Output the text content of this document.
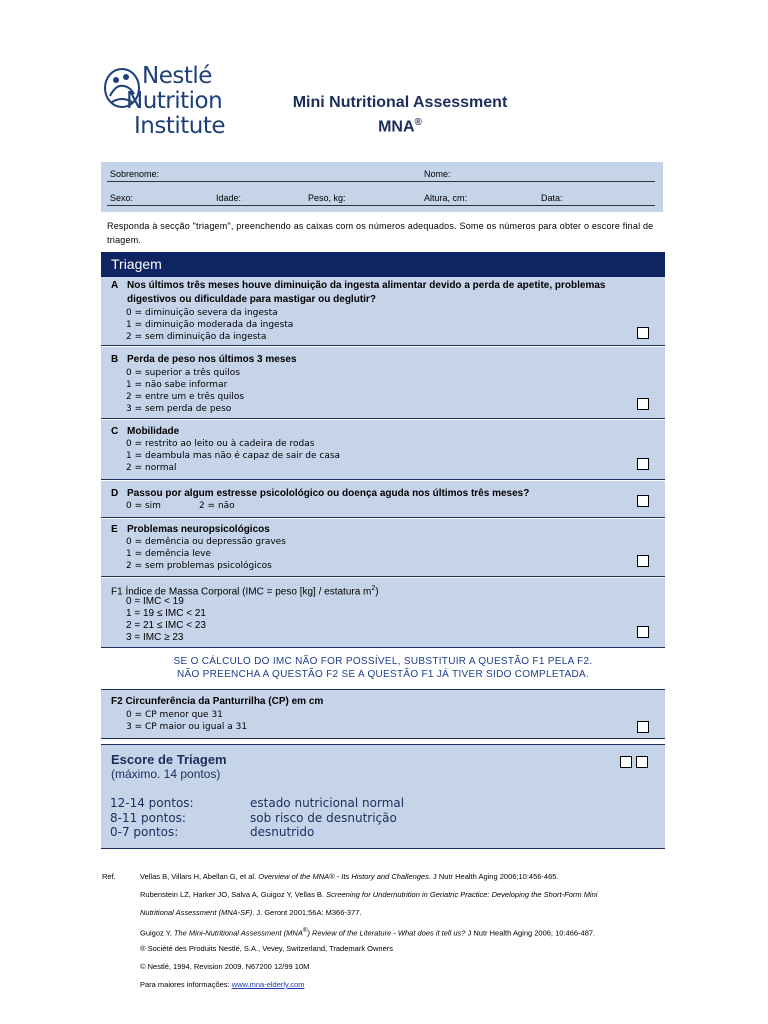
Nestlé
Nutrition
Institute
Mini Nutritional Assessment
MNA®
Sobrenome:	Nome:
Sexo:	Idade:	Peso, kg:	Altura, cm:	Data:
Responda à secção "triagem", preenchendo as caixas com os números adequados. Some os números para obter o escore final de triagem.
Triagem
A Nos últimos três meses houve diminuição da ingesta alimentar devido a perda de apetite, problemas
digestivos ou dificuldade para mastigar ou deglutir?
0 = diminuição severa da ingesta
1 = diminuição moderada da ingesta
2 = sem diminuição da ingesta
B Perda de peso nos últimos 3 meses
0 = superior a três quilos
1 = não sabe informar
2 = entre um e três quilos
3 = sem perda de peso
C Mobilidade
0 = restrito ao leito ou à cadeira de rodas
1 = deambula mas não é capaz de sair de casa
2 = normal
D Passou por algum estresse psicolológico ou doença aguda nos últimos três meses?
0 = sim	2 = não
E Problemas neuropsicológicos
0 = demência ou depressão graves
1 = demência leve
2 = sem problemas psicológicos
F1 Índice de Massa Corporal (IMC = peso [kg] / estatura $m^2$)
0 = IMC < 19
1 = 19 ≤ IMC < 21
2 = 21 ≤ IMC < 23
3 = IMC ≥ 23
SE O CÁLCULO DO IMC NÃO FOR POSSÍVEL, SUBSTITUIR A QUESTÃO F1 PELA F2.
NÃO PREENCHA A QUESTÃO F2 SE A QUESTÃO F1 JÁ TIVER SIDO COMPLETADA.
F2 Circunferência da Panturrilha (CP) em cm
0 = CP menor que 31
3 = CP maior ou igual a 31
Escore de Triagem
(máximo. 14 pontos)
12-14 pontos:	estado nutricional normal
8-11 pontos:	sob risco de desnutrição
0-7 pontos:	desnutrido
Ref.	Vellas B, Villars H, Abellan G, et al. Overview of the MNA® - Its History and Challenges. J Nutr Health Aging 2006;10:456-465.
Rubenstein LZ, Harker JO, Salva A, Guigoz Y, Vellas B. Screening for Undernutrition in Geriatric Practice: Developing the Short-Form Mini
Nutritional Assessment (MNA-SF). J. Geront 2001;56A: M366-377.
Guigoz Y. The Mini-Nutritional Assessment (MNA®) Review of the Literature - What does it tell us? J Nutr Health Aging 2006; 10:466-487.
® Société des Produits Nestlé, S.A., Vevey, Switzerland, Trademark Owners
© Nestlé, 1994, Revision 2009. N67200 12/99 10M
Para maiores informações: www.mna-elderly.com
